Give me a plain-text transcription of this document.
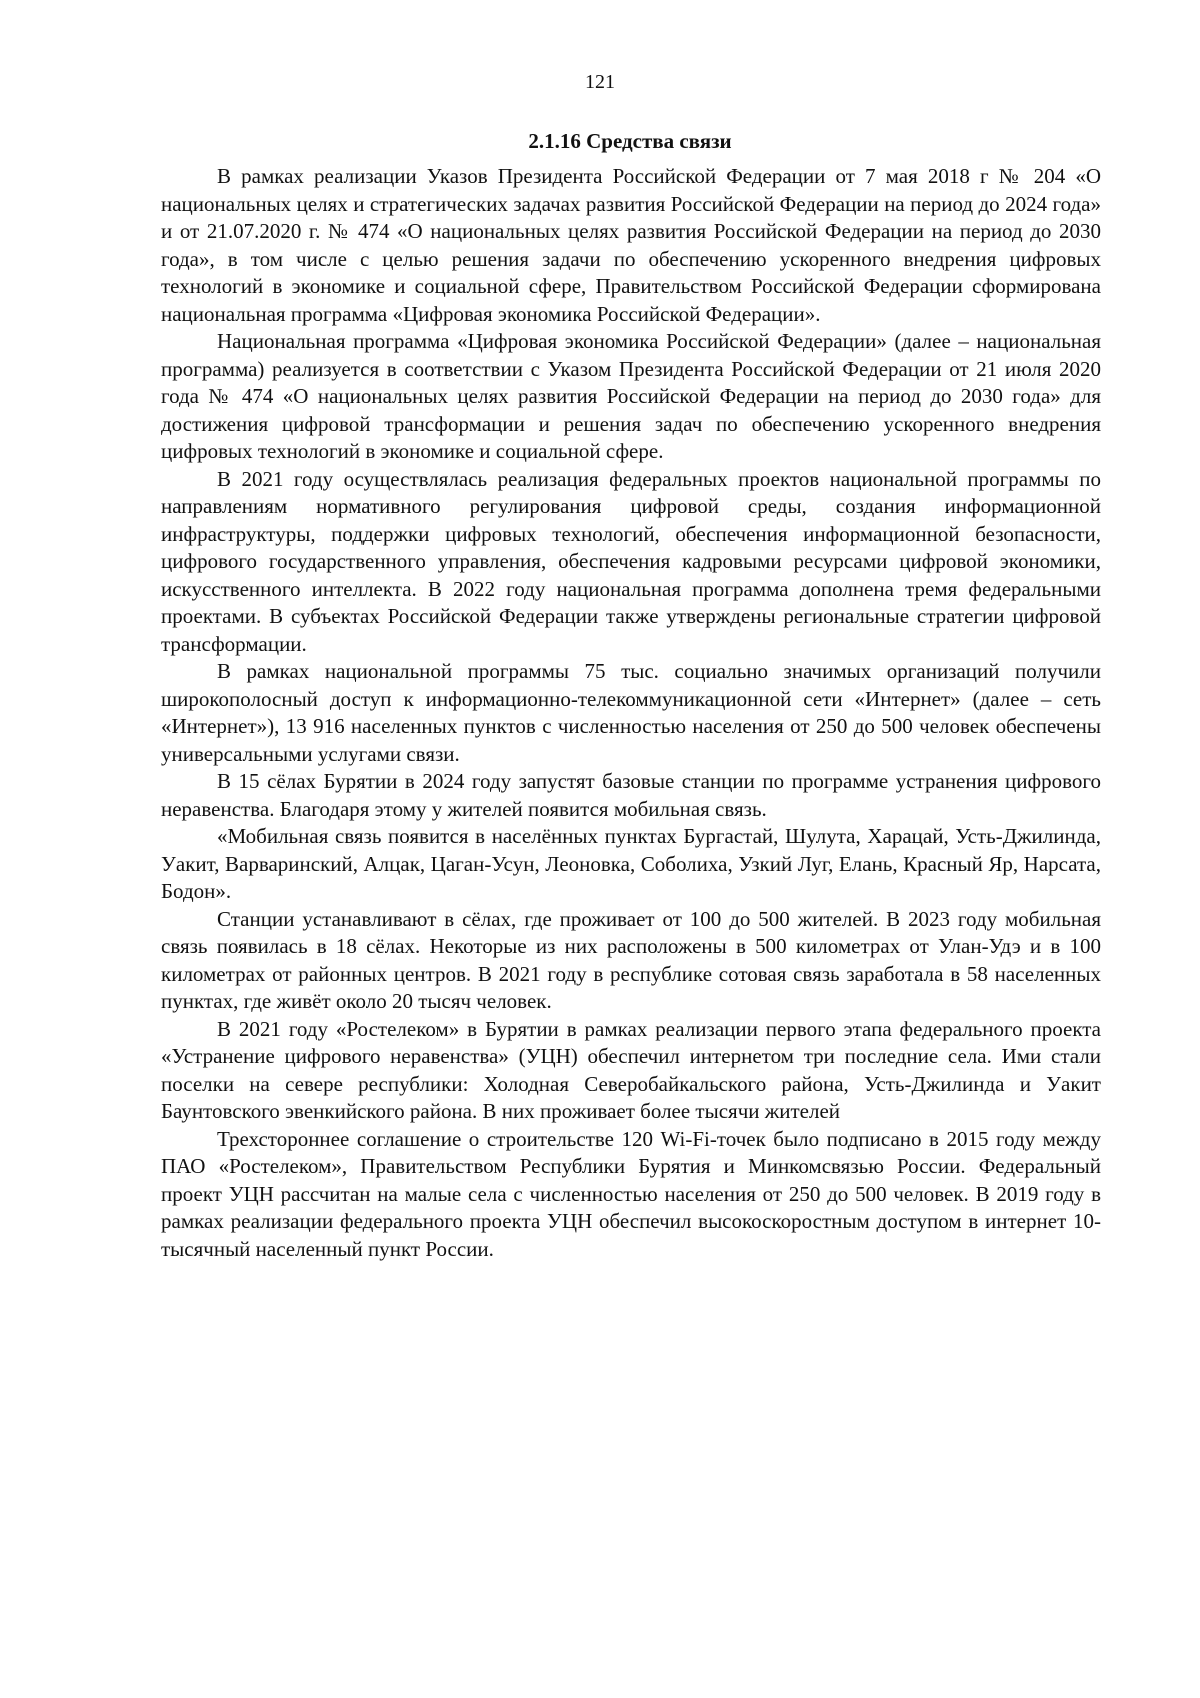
121
2.1.16 Средства связи

В рамках реализации Указов Президента Российской Федерации от 7 мая 2018 г № 204 «О национальных целях и стратегических задачах развития Российской Федерации на период до 2024 года» и от 21.07.2020 г. № 474 «О национальных целях развития Российской Федерации на период до 2030 года», в том числе с целью решения задачи по обеспечению ускоренного внедрения цифровых технологий в экономике и социальной сфере, Правительством Российской Федерации сформирована национальная программа «Цифровая экономика Российской Федерации».

Национальная программа «Цифровая экономика Российской Федерации» (далее – национальная программа) реализуется в соответствии с Указом Президента Российской Федерации от 21 июля 2020 года № 474 «О национальных целях развития Российской Федерации на период до 2030 года» для достижения цифровой трансформации и решения задач по обеспечению ускоренного внедрения цифровых технологий в экономике и социальной сфере.

В 2021 году осуществлялась реализация федеральных проектов национальной программы по направлениям нормативного регулирования цифровой среды, создания информационной инфраструктуры, поддержки цифровых технологий, обеспечения информационной безопасности, цифрового государственного управления, обеспечения кадровыми ресурсами цифровой экономики, искусственного интеллекта. В 2022 году национальная программа дополнена тремя федеральными проектами. В субъектах Российской Федерации также утверждены региональные стратегии цифровой трансформации.

В рамках национальной программы 75 тыс. социально значимых организаций получили широкополосный доступ к информационно-телекоммуникационной сети «Интернет» (далее – сеть «Интернет»), 13 916 населенных пунктов с численностью населения от 250 до 500 человек обеспечены универсальными услугами связи.

В 15 сёлах Бурятии в 2024 году запустят базовые станции по программе устранения цифрового неравенства. Благодаря этому у жителей появится мобильная связь.

«Мобильная связь появится в населённых пунктах Бургастай, Шулута, Харацай, Усть-Джилинда, Уакит, Варваринский, Алцак, Цаган-Усун, Леоновка, Соболиха, Узкий Луг, Елань, Красный Яр, Нарсата, Бодон».

Станции устанавливают в сёлах, где проживает от 100 до 500 жителей. В 2023 году мобильная связь появилась в 18 сёлах. Некоторые из них расположены в 500 километрах от Улан-Удэ и в 100 километрах от районных центров. В 2021 году в республике сотовая связь заработала в 58 населенных пунктах, где живёт около 20 тысяч человек.

В 2021 году «Ростелеком» в Бурятии в рамках реализации первого этапа федерального проекта «Устранение цифрового неравенства» (УЦН) обеспечил интернетом три последние села. Ими стали поселки на севере республики: Холодная Северобайкальского района, Усть-Джилинда и Уакит Баунтовского эвенкийского района. В них проживает более тысячи жителей

Трехстороннее соглашение о строительстве 120 Wi-Fi-точек было подписано в 2015 году между ПАО «Ростелеком», Правительством Республики Бурятия и Минкомсвязью России. Федеральный проект УЦН рассчитан на малые села с численностью населения от 250 до 500 человек. В 2019 году в рамках реализации федерального проекта УЦН обеспечил высокоскоростным доступом в интернет 10-тысячный населенный пункт России.
